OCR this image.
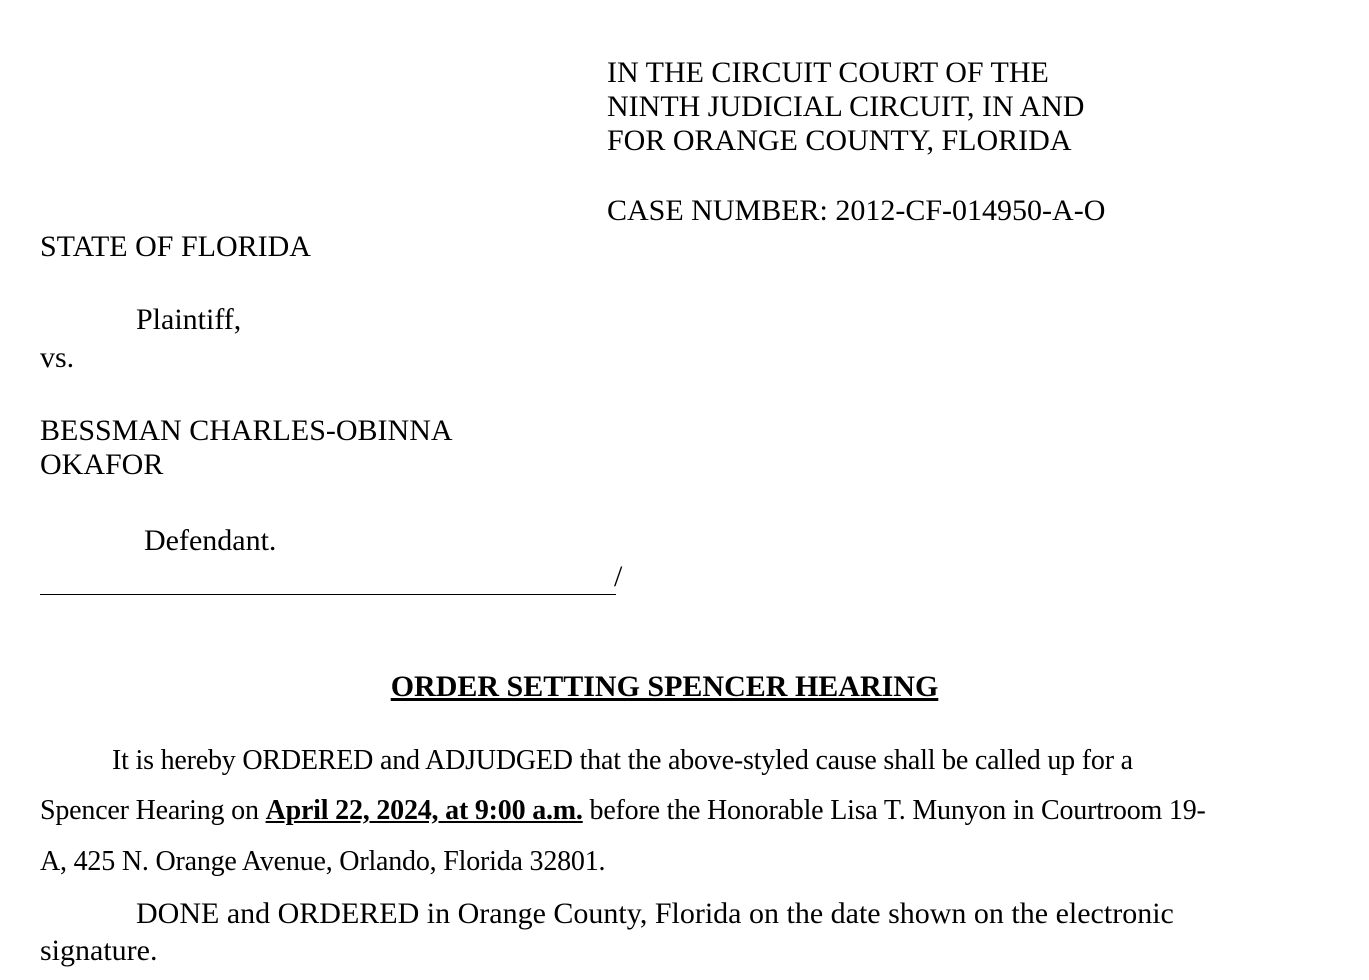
IN THE CIRCUIT COURT OF THE
NINTH JUDICIAL CIRCUIT, IN AND
FOR ORANGE COUNTY, FLORIDA
CASE NUMBER: 2012-CF-014950-A-O
STATE OF FLORIDA
Plaintiff,
vs.
BESSMAN CHARLES-OBINNA
OKAFOR
Defendant.
/
ORDER SETTING SPENCER HEARING
It is hereby ORDERED and ADJUDGED that the above-styled cause shall be called up for a
Spencer Hearing on April 22, 2024, at 9:00 a.m. before the Honorable Lisa T. Munyon in Courtroom 19-
A, 425 N. Orange Avenue, Orlando, Florida 32801.
DONE and ORDERED in Orange County, Florida on the date shown on the electronic
signature.
